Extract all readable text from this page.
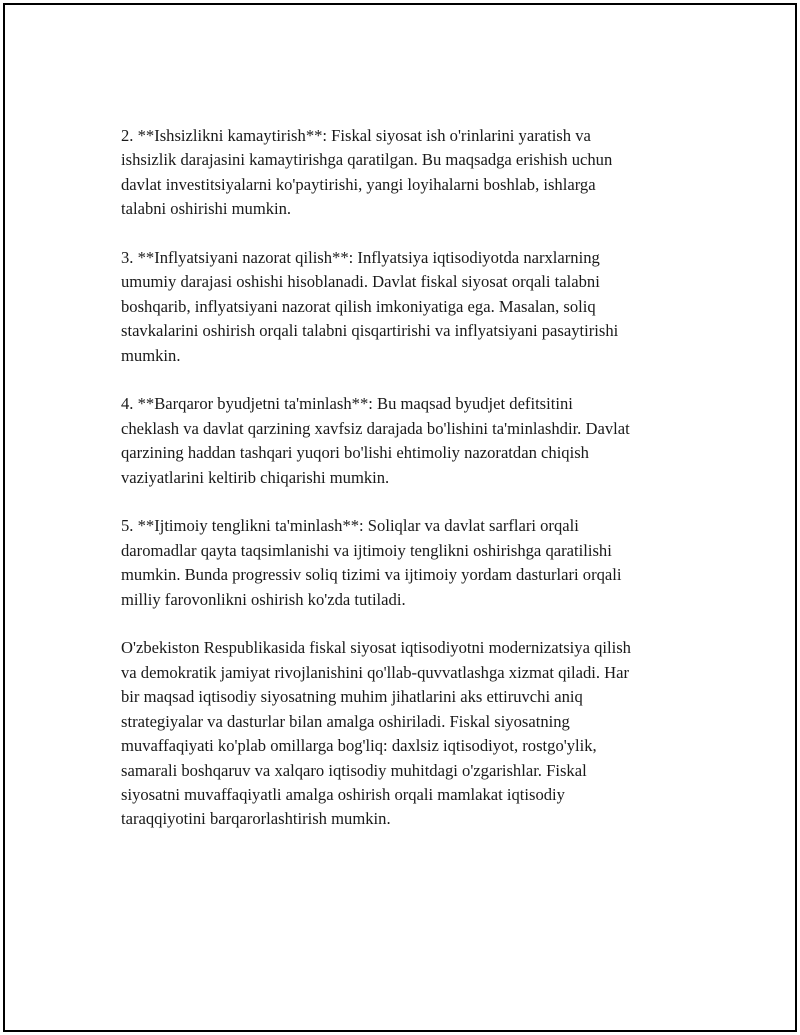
2. **Ishsizlikni kamaytirish**: Fiskal siyosat ish o'rinlarini yaratish va
ishsizlik darajasini kamaytirishga qaratilgan. Bu maqsadga erishish uchun
davlat investitsiyalarni ko'paytirishi, yangi loyihalarni boshlab, ishlarga
talabni oshirishi mumkin.

3. **Inflyatsiyani nazorat qilish**: Inflyatsiya iqtisodiyotda narxlarning
umumiy darajasi oshishi hisoblanadi. Davlat fiskal siyosat orqali talabni
boshqarib, inflyatsiyani nazorat qilish imkoniyatiga ega. Masalan, soliq
stavkalarini oshirish orqali talabni qisqartirishi va inflyatsiyani pasaytirishi
mumkin.

4. **Barqaror byudjetni ta'minlash**: Bu maqsad byudjet defitsitini
cheklash va davlat qarzining xavfsiz darajada bo'lishini ta'minlashdir. Davlat
qarzining haddan tashqari yuqori bo'lishi ehtimoliy nazoratdan chiqish
vaziyatlarini keltirib chiqarishi mumkin.

5. **Ijtimoiy tenglikni ta'minlash**: Soliqlar va davlat sarflari orqali
daromadlar qayta taqsimlanishi va ijtimoiy tenglikni oshirishga qaratilishi
mumkin. Bunda progressiv soliq tizimi va ijtimoiy yordam dasturlari orqali
milliy farovonlikni oshirish ko'zda tutiladi.

O'zbekiston Respublikasida fiskal siyosat iqtisodiyotni modernizatsiya qilish
va demokratik jamiyat rivojlanishini qo'llab-quvvatlashga xizmat qiladi. Har
bir maqsad iqtisodiy siyosatning muhim jihatlarini aks ettiruvchi aniq
strategiyalar va dasturlar bilan amalga oshiriladi. Fiskal siyosatning
muvaffaqiyati ko'plab omillarga bog'liq: daxlsiz iqtisodiyot, rostgo'ylik,
samarali boshqaruv va xalqaro iqtisodiy muhitdagi o'zgarishlar. Fiskal
siyosatni muvaffaqiyatli amalga oshirish orqali mamlakat iqtisodiy
taraqqiyotini barqarorlashtirish mumkin.
